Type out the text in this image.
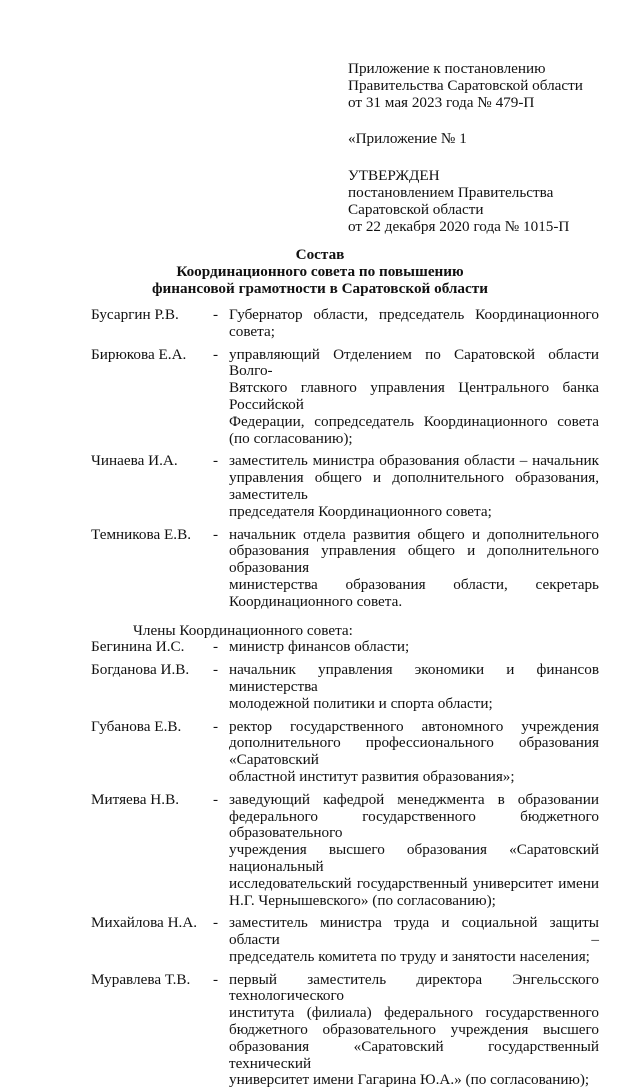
Приложение к постановлению
Правительства Саратовской области
от 31 мая 2023 года № 479-П
«Приложение № 1
УТВЕРЖДЕН
постановлением Правительства
Саратовской области
от 22 декабря 2020 года № 1015-П
Состав
Координационного совета по повышению
финансовой грамотности в Саратовской области
Бусаргин Р.В. - Губернатор области, председатель Координационного совета;
Бирюкова Е.А. - управляющий Отделением по Саратовской области Волго-
Вятского главного управления Центрального банка Российской
Федерации, сопредседатель Координационного совета
(по согласованию);
Чинаева И.А. - заместитель министра образования области – начальник
управления общего и дополнительного образования, заместитель
председателя Координационного совета;
Темникова Е.В. - начальник отдела развития общего и дополнительного
образования управления общего и дополнительного образования
министерства образования области, секретарь
Координационного совета.
Члены Координационного совета:
Бегинина И.С. - министр финансов области;
Богданова И.В. - начальник управления экономики и финансов министерства
молодежной политики и спорта области;
Губанова Е.В. - ректор государственного автономного учреждения
дополнительного профессионального образования «Саратовский
областной институт развития образования»;
Митяева Н.В. - заведующий кафедрой менеджмента в образовании
федерального государственного бюджетного образовательного
учреждения высшего образования «Саратовский национальный
исследовательский государственный университет имени
Н.Г. Чернышевского» (по согласованию);
Михайлова Н.А. - заместитель министра труда и социальной защиты области –
председатель комитета по труду и занятости населения;
Муравлева Т.В. - первый заместитель директора Энгельсского технологического
института (филиала) федерального государственного
бюджетного образовательного учреждения высшего
образования «Саратовский государственный технический
университет имени Гагарина Ю.А.» (по согласованию);
